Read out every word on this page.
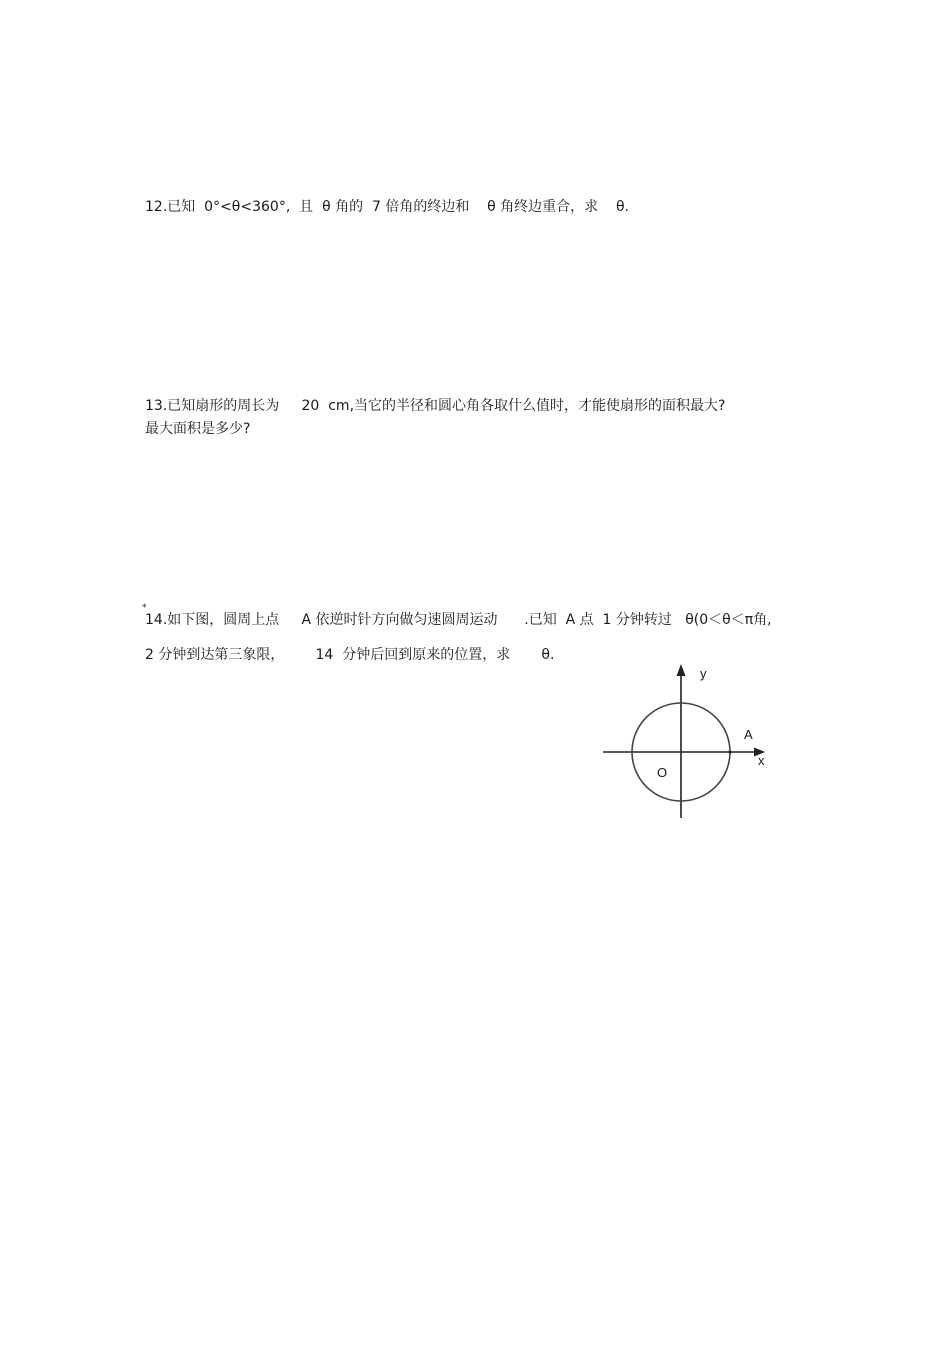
12.已知  0°<θ<360°,  且  θ 角的  7 倍角的终边和    θ 角终边重合，求    θ.
13.已知扇形的周长为     20  cm,当它的半径和圆心角各取什么值时，才能使扇形的面积最大?
最大面积是多少?
*
14.如下图，圆周上点     A 依逆时针方向做匀速圆周运动      .已知  A 点  1 分钟转过   θ(0＜θ＜π角,
2 分钟到达第三象限，       14  分钟后回到原来的位置，求       θ.
y
A
x
O
